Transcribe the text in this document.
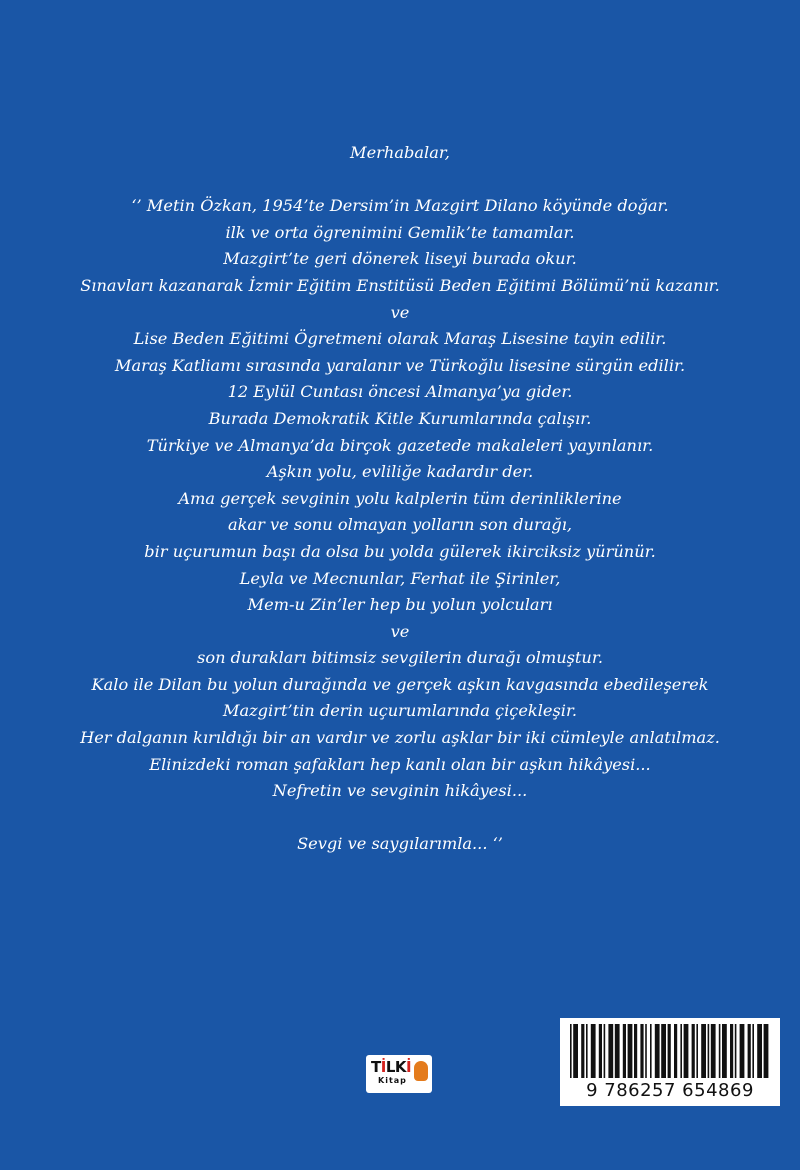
Merhabalar,
‘’ Metin Özkan, 1954’te Dersim’in Mazgirt Dilano köyünde doğar.
ilk ve orta ögrenimini Gemlik’te tamamlar.
Mazgirt’te geri dönerek liseyi burada okur.
Sınavları kazanarak İzmir Eğitim Enstitüsü Beden Eğitimi Bölümü’nü kazanır.
ve
Lise Beden Eğitimi Ögretmeni olarak Maraş Lisesine tayin edilir.
Maraş Katliamı sırasında yaralanır ve Türkoğlu lisesine sürgün edilir.
12 Eylül Cuntası öncesi Almanya’ya gider.
Burada Demokratik Kitle Kurumlarında çalışır.
Türkiye ve Almanya’da birçok gazetede makaleleri yayınlanır.
Aşkın yolu, evliliğe kadardır der.
Ama gerçek sevginin yolu kalplerin tüm derinliklerine
akar ve sonu olmayan yolların son durağı,
bir uçurumun başı da olsa bu yolda gülerek ikirciksiz yürünür.
Leyla ve Mecnunlar, Ferhat ile Şirinler,
Mem-u Zin’ler hep bu yolun yolcuları
ve
son durakları bitimsiz sevgilerin durağı olmuştur.
Kalo ile Dilan bu yolun durağında ve gerçek aşkın kavgasında ebedileşerek
Mazgirt’tin derin uçurumlarında çiçekleşir.
Her dalganın kırıldığı bir an vardır ve zorlu aşklar bir iki cümleyle anlatılmaz.
Elinizdeki roman şafakları hep kanlı olan bir aşkın hikâyesi...
Nefretin ve sevginin hikâyesi...
Sevgi ve saygılarımla... ‘’
TİLKİ
Kitap	9 786257 654869
